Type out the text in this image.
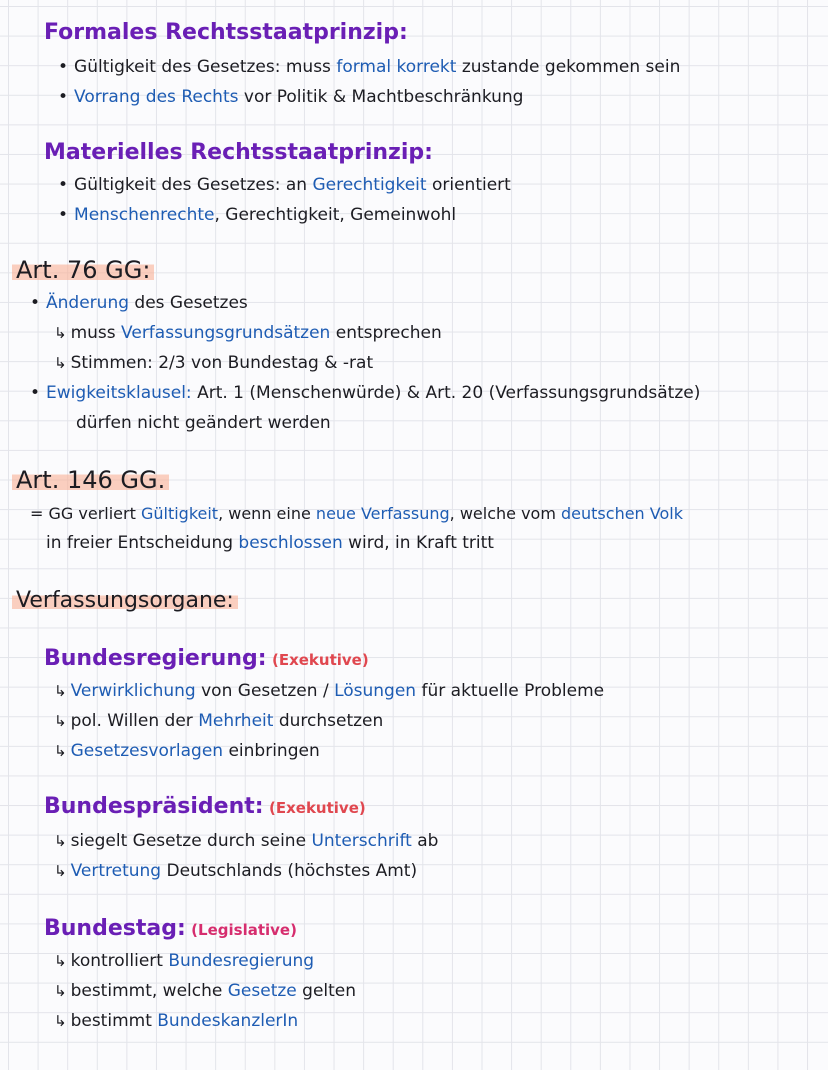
Formales Rechtsstaatprinzip:
• Gültigkeit des Gesetzes: muss formal korrekt zustande gekommen sein
• Vorrang des Rechts vor Politik & Machtbeschränkung
Materielles Rechtsstaatprinzip:
• Gültigkeit des Gesetzes: an Gerechtigkeit orientiert
• Menschenrechte, Gerechtigkeit, Gemeinwohl
Art. 76 GG:
• Änderung des Gesetzes
↳ muss Verfassungsgrundsätzen entsprechen
↳ Stimmen: 2/3 von Bundestag & -rat
• Ewigkeitsklausel: Art. 1 (Menschenwürde) & Art. 20 (Verfassungsgrundsätze)
dürfen nicht geändert werden
Art. 146 GG.
= GG verliert Gültigkeit, wenn eine neue Verfassung, welche vom deutschen Volk
in freier Entscheidung beschlossen wird, in Kraft tritt
Verfassungsorgane:
Bundesregierung: (Exekutive)
↳ Verwirklichung von Gesetzen / Lösungen für aktuelle Probleme
↳ pol. Willen der Mehrheit durchsetzen
↳ Gesetzesvorlagen einbringen
Bundespräsident: (Exekutive)
↳ siegelt Gesetze durch seine Unterschrift ab
↳ Vertretung Deutschlands (höchstes Amt)
Bundestag: (Legislative)
↳ kontrolliert Bundesregierung
↳ bestimmt, welche Gesetze gelten
↳ bestimmt BundeskanzlerIn
